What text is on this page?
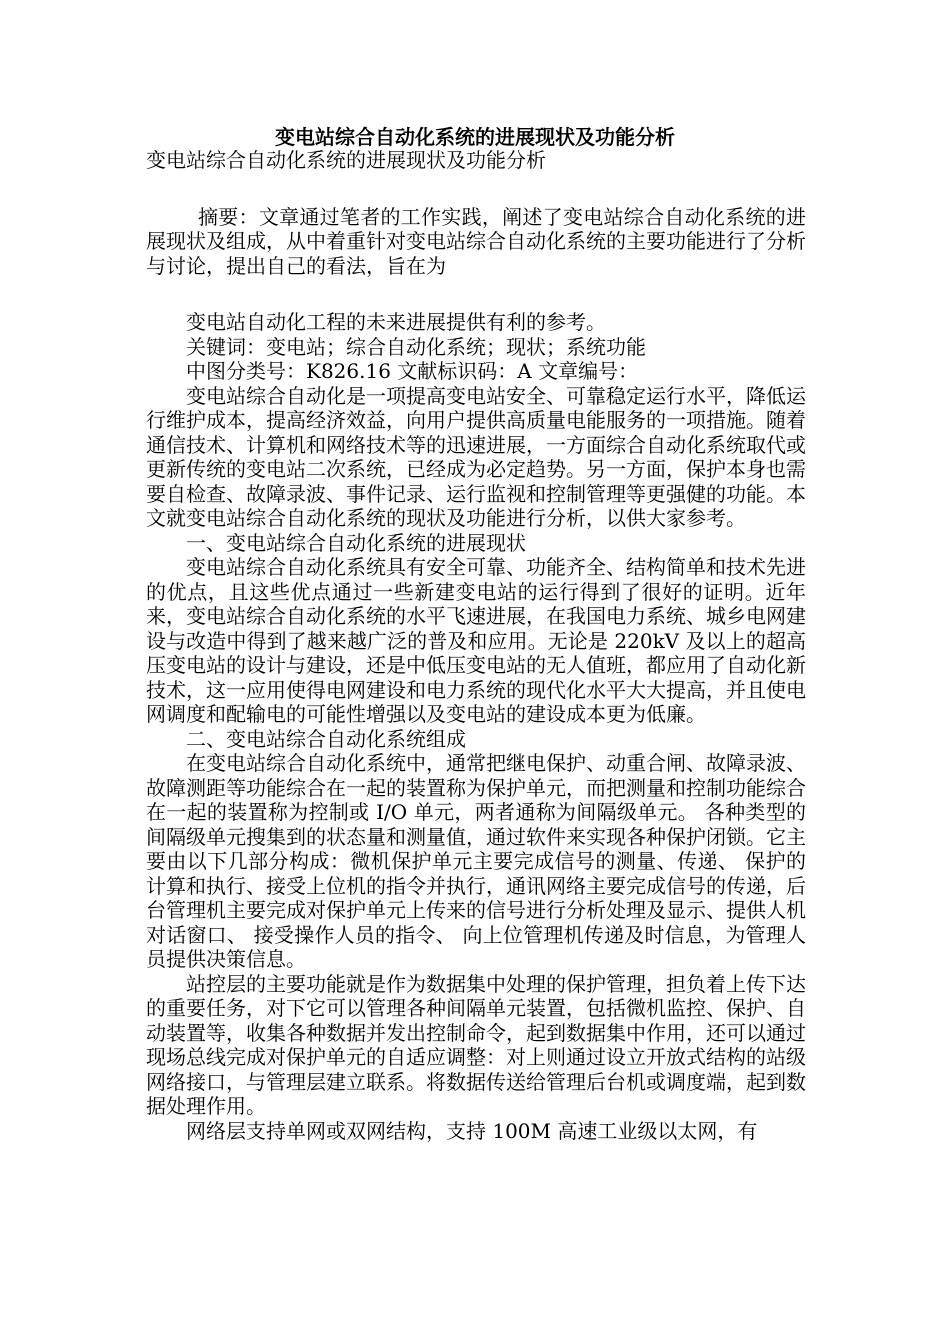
变电站综合自动化系统的进展现状及功能分析

变电站综合自动化系统的进展现状及功能分析

摘要：文章通过笔者的工作实践，阐述了变电站综合自动化系统的进展现状及组成，从中着重针对变电站综合自动化系统的主要功能进行了分析与讨论，提出自己的看法，旨在为

变电站自动化工程的未来进展提供有利的参考。

关键词：变电站；综合自动化系统；现状；系统功能

中图分类号：K826.16 文献标识码：A 文章编号：

变电站综合自动化是一项提高变电站安全、可靠稳定运行水平，降低运行维护成本，提高经济效益，向用户提供高质量电能服务的一项措施。随着通信技术、计算机和网络技术等的迅速进展，一方面综合自动化系统取代或更新传统的变电站二次系统，已经成为必定趋势。另一方面，保护本身也需要自检查、故障录波、事件记录、运行监视和控制管理等更强健的功能。本文就变电站综合自动化系统的现状及功能进行分析，以供大家参考。

一、变电站综合自动化系统的进展现状

变电站综合自动化系统具有安全可靠、功能齐全、结构简单和技术先进的优点，且这些优点通过一些新建变电站的运行得到了很好的证明。近年来，变电站综合自动化系统的水平飞速进展，在我国电力系统、城乡电网建设与改造中得到了越来越广泛的普及和应用。无论是 220kV 及以上的超高压变电站的设计与建设，还是中低压变电站的无人值班，都应用了自动化新技术，这一应用使得电网建设和电力系统的现代化水平大大提高，并且使电网调度和配输电的可能性增强以及变电站的建设成本更为低廉。

二、变电站综合自动化系统组成

在变电站综合自动化系统中，通常把继电保护、动重合闸、故障录波、故障测距等功能综合在一起的装置称为保护单元，而把测量和控制功能综合在一起的装置称为控制或 I/O 单元，两者通称为间隔级单元。 各种类型的间隔级单元搜集到的状态量和测量值，通过软件来实现各种保护闭锁。它主要由以下几部分构成：微机保护单元主要完成信号的测量、传递、 保护的计算和执行、接受上位机的指令并执行，通讯网络主要完成信号的传递，后台管理机主要完成对保护单元上传来的信号进行分析处理及显示、提供人机对话窗口、 接受操作人员的指令、 向上位管理机传递及时信息，为管理人员提供决策信息。

站控层的主要功能就是作为数据集中处理的保护管理，担负着上传下达的重要任务，对下它可以管理各种间隔单元装置，包括微机监控、保护、自动装置等，收集各种数据并发出控制命令，起到数据集中作用，还可以通过现场总线完成对保护单元的自适应调整：对上则通过设立开放式结构的站级网络接口，与管理层建立联系。将数据传送给管理后台机或调度端，起到数据处理作用。

网络层支持单网或双网结构，支持 100M 高速工业级以太网，有
